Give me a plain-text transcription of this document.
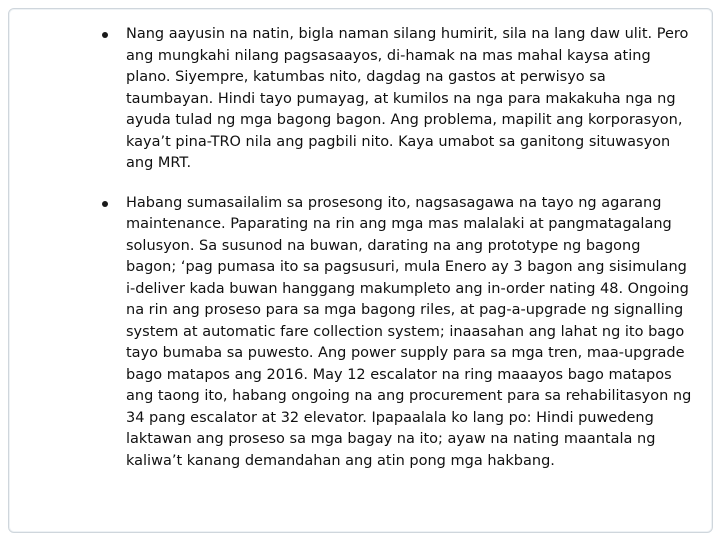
Nang aayusin na natin, bigla naman silang humirit, sila na lang daw ulit. Pero ang mungkahi nilang pagsasaayos, di-hamak na mas mahal kaysa ating plano. Siyempre, katumbas nito, dagdag na gastos at perwisyo sa taumbayan. Hindi tayo pumayag, at kumilos na nga para makakuha nga ng ayuda tulad ng mga bagong bagon. Ang problema, mapilit ang korporasyon, kaya’t pina-TRO nila ang pagbili nito. Kaya umabot sa ganitong situwasyon ang MRT.
Habang sumasailalim sa prosesong ito, nagsasagawa na tayo ng agarang maintenance. Paparating na rin ang mga mas malalaki at pangmatagalang solusyon. Sa susunod na buwan, darating na ang prototype ng bagong bagon; ‘pag pumasa ito sa pagsusuri, mula Enero ay 3 bagon ang sisimulang i-deliver kada buwan hanggang makumpleto ang in-order nating 48. Ongoing na rin ang proseso para sa mga bagong riles, at pag-a-upgrade ng signalling system at automatic fare collection system; inaasahan ang lahat ng ito bago tayo bumaba sa puwesto. Ang power supply para sa mga tren, maa-upgrade bago matapos ang 2016. May 12 escalator na ring maaayos bago matapos ang taong ito, habang ongoing na ang procurement para sa rehabilitasyon ng 34 pang escalator at 32 elevator. Ipapaalala ko lang po: Hindi puwedeng laktawan ang proseso sa mga bagay na ito; ayaw na nating maantala ng kaliwa’t kanang demandahan ang atin pong mga hakbang.
